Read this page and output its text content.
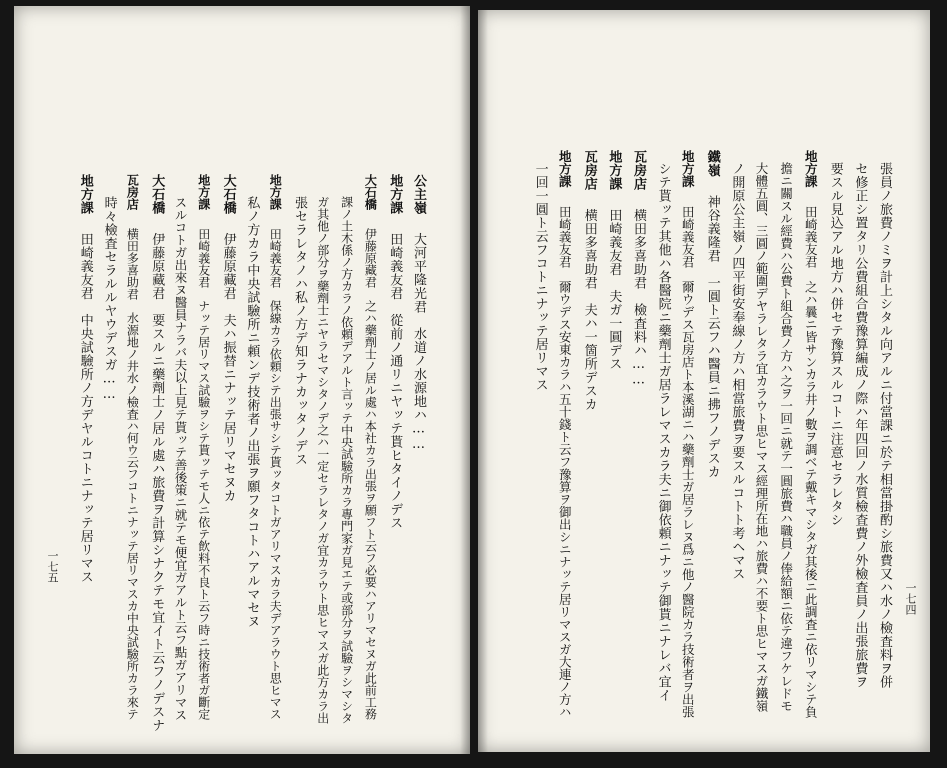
公主嶺大河平隆光君　水道ノ水源地ハ……
地方課田崎義友君　從前ノ通リニヤッテ貰ヒタイノデス
大石橋伊藤原藏君　之ハ藥劑士ノ居ル處ハ本社カラ出張ヲ願フト云フ必要ハアリマセヌガ此前工務
課ノ土木係ノ方カラノ依頼デアルト言ッテ中央試驗所カラ專門家ガ見エテ或部分ヲ試驗ヲシマシタ
ガ其他ノ部分ヲ藥劑士ニヤラセマシタノデ之ハ一定セラレタノガ宜カラウト思ヒマスガ此方カラ出
張セラレタノハ私ノ方デ知ラナカッタノデス
地方課田崎義友君　保線カラ依頼シテ出張サシテ貰ッタコトガアリマスカラ夫デアラウト思ヒマス
私ノ方カラ中央試驗所ニ頼ンデ技術者ノ出張ヲ願フタコトハアルマセヌ
大石橋伊藤原藏君　夫ハ振替ニナッテ居リマセヌカ
地方課田崎義友君　ナッテ居リマス試驗ヲシテ貰ッテモ人ニ依テ飲料不良ト云フ時ニ技術者ガ斷定
スルコトガ出來ヌ醫員ナラバ夫以上見テ貰ッテ善後策ニ就テモ便宜ガアルト云フ點ガアリマス
大石橋伊藤原藏君　要スルニ藥劑士ノ居ル處ハ旅費ヲ計算シナクテモ宜イト云フノデスナ
瓦房店横田多喜助君　水源地ノ井水ノ檢査ハ何ウ云フコトニナッテ居リマスカ中央試驗所カラ來テ
時々檢査セラルルヤウデスガ……
地方課田崎義友君　中央試驗所ノ方デヤルコトニナッテ居リマス
一七五	張員ノ旅費ノミヲ計上シタル向アルニ付當課ニ於テ相當掛酌シ旅費又ハ水ノ檢査料ヲ併
セ修正シ置タリ公費組合費豫算編成ノ際ハ年四回ノ水質檢査費ノ外檢査員ノ出張旅費ヲ
要スル見込アル地方ハ併セテ豫算スルコトニ注意セラレタシ
地方課田崎義友君　之ハ曩ニ皆サンカラ井ノ數ヲ調ベテ戴キマシタガ其後ニ此調査ニ依リマシテ負
擔ニ關スル經費ハ公費ト組合費ノ方ハ之ヲ一回ニ就テ一圓旅費ハ職員ノ俸給額ニ依テ違フケレドモ
大體五圓、三圓ノ範圍デヤラレタラ宜カラウト思ヒマス經理所在地ハ旅費ハ不要ト思ヒマスガ鐵嶺
ノ開原公主嶺ノ四平街安奉線ノ方ハ相當旅費ヲ要スルコトト考ヘマス
鐵嶺神谷義隆君　一圓ト云フハ醫員ニ拂フノデスカ
地方課田崎義友君　爾ウデス瓦房店ト本溪湖ニハ藥劑士ガ居ラレヌ爲ニ他ノ醫院カラ技術者ヲ出張
シテ貰ッテ其他ハ各醫院ニ藥劑士ガ居ラレマスカラ夫ニ御依頼ニナッテ御貰ニナレバ宜イ
瓦房店横田多喜助君　檢査料ハ……
地方課田崎義友君　夫ガ一圓デス
瓦房店横田多喜助君　夫ハ一箇所デスカ
地方課田崎義友君　爾ウデス安東カラハ五十錢ト云フ豫算ヲ御出シニナッテ居リマスガ大連ノ方ハ
一回一圓ト云フコトニナッテ居リマス
一七四
